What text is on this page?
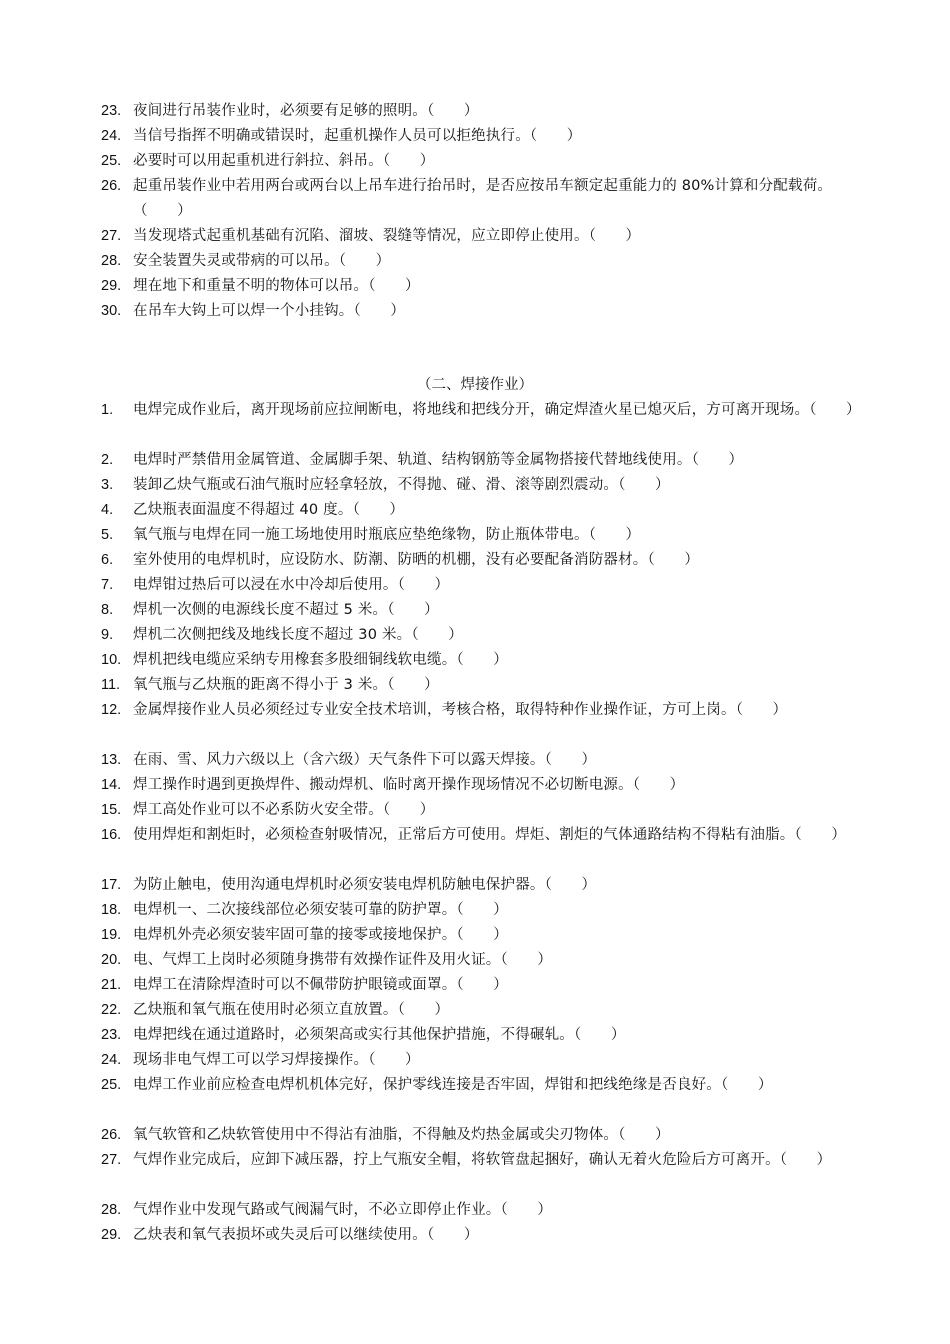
23. 夜间进行吊装作业时，必须要有足够的照明。（　　）
24. 当信号指挥不明确或错误时，起重机操作人员可以拒绝执行。（　　）
25. 必要时可以用起重机进行斜拉、斜吊。（　　）
26. 起重吊装作业中若用两台或两台以上吊车进行抬吊时，是否应按吊车额定起重能力的 80%计算和分配载荷。（　　）
27. 当发现塔式起重机基础有沉陷、溜坡、裂缝等情况，应立即停止使用。（　　）
28. 安全装置失灵或带病的可以吊。（　　）
29. 埋在地下和重量不明的物体可以吊。（　　）
30. 在吊车大钩上可以焊一个小挂钩。（　　）
（二、焊接作业）
1.	电焊完成作业后，离开现场前应拉闸断电，将地线和把线分开，确定焊渣火星已熄灭后，方可离开现场。（　　）
2.	电焊时严禁借用金属管道、金属脚手架、轨道、结构钢筋等金属物搭接代替地线使用。（　　）
3.	装卸乙炔气瓶或石油气瓶时应轻拿轻放，不得抛、碰、滑、滚等剧烈震动。（　　）
4.	乙炔瓶表面温度不得超过 40 度。（　　）
5.	氧气瓶与电焊在同一施工场地使用时瓶底应垫绝缘物，防止瓶体带电。（　　）
6.	室外使用的电焊机时，应设防水、防潮、防晒的机棚，没有必要配备消防器材。（　　）
7.	电焊钳过热后可以浸在水中冷却后使用。（　　）
8.	焊机一次侧的电源线长度不超过 5 米。（　　）
9.	焊机二次侧把线及地线长度不超过 30 米。（　　）
10. 焊机把线电缆应采纳专用橡套多股细铜线软电缆。（　　）
11. 氧气瓶与乙炔瓶的距离不得小于 3 米。（　　）
12. 金属焊接作业人员必须经过专业安全技术培训，考核合格，取得特种作业操作证，方可上岗。（　　）
13. 在雨、雪、风力六级以上（含六级）天气条件下可以露天焊接。（　　）
14. 焊工操作时遇到更换焊件、搬动焊机、临时离开操作现场情况不必切断电源。（　　）
15. 焊工高处作业可以不必系防火安全带。（　　）
16. 使用焊炬和割炬时，必须检查射吸情况，正常后方可使用。焊炬、割炬的气体通路结构不得粘有油脂。（　　）
17. 为防止触电，使用沟通电焊机时必须安装电焊机防触电保护器。（　　）
18. 电焊机一、二次接线部位必须安装可靠的防护罩。（　　）
19. 电焊机外壳必须安装牢固可靠的接零或接地保护。（　　）
20. 电、气焊工上岗时必须随身携带有效操作证件及用火证。（　　）
21. 电焊工在清除焊渣时可以不佩带防护眼镜或面罩。（　　）
22. 乙炔瓶和氧气瓶在使用时必须立直放置。（　　）
23. 电焊把线在通过道路时，必须架高或实行其他保护措施，不得碾轧。（　　）
24. 现场非电气焊工可以学习焊接操作。（　　）
25. 电焊工作业前应检查电焊机机体完好，保护零线连接是否牢固，焊钳和把线绝缘是否良好。（　　）
26. 氧气软管和乙炔软管使用中不得沾有油脂，不得触及灼热金属或尖刃物体。（　　）
27. 气焊作业完成后，应卸下减压器，拧上气瓶安全帽，将软管盘起捆好，确认无着火危险后方可离开。（　　）
28. 气焊作业中发现气路或气阀漏气时，不必立即停止作业。（　　）
29. 乙炔表和氧气表损坏或失灵后可以继续使用。（　　）
